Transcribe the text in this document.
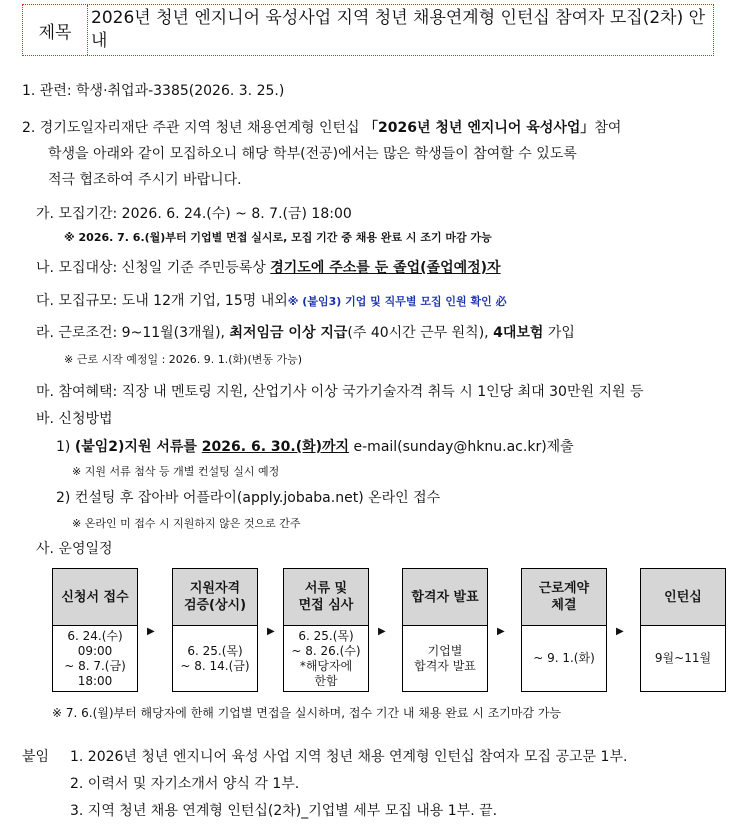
제목
2026년 청년 엔지니어 육성사업 지역 청년 채용연계형 인턴십 참여자 모집(2차) 안내
1. 관련: 학생·취업과-3385(2026. 3. 25.)
2. 경기도일자리재단 주관 지역 청년 채용연계형 인턴십 「2026년 청년 엔지니어 육성사업」참여
학생을 아래와 같이 모집하오니 해당 학부(전공)에서는 많은 학생들이 참여할 수 있도록
적극 협조하여 주시기 바랍니다.
가. 모집기간: 2026. 6. 24.(수) ~ 8. 7.(금) 18:00
※ 2026. 7. 6.(월)부터 기업별 면접 실시로, 모집 기간 중 채용 완료 시 조기 마감 가능
나. 모집대상: 신청일 기준 주민등록상 경기도에 주소를 둔 졸업(졸업예정)자
다. 모집규모: 도내 12개 기업, 15명 내외※ (붙임3) 기업 및 직무별 모집 인원 확인 必
라. 근로조건: 9~11월(3개월), 최저임금 이상 지급(주 40시간 근무 원칙), 4대보험 가입
※ 근로 시작 예정일 : 2026. 9. 1.(화)(변동 가능)
마. 참여혜택: 직장 내 멘토링 지원, 산업기사 이상 국가기술자격 취득 시 1인당 최대 30만원 지원 등
바. 신청방법
1) (붙임2)지원 서류를 2026. 6. 30.(화)까지 e-mail(sunday@hknu.ac.kr)제출
※ 지원 서류 첨삭 등 개별 컨설팅 실시 예정
2) 컨설팅 후 잡아바 어플라이(apply.jobaba.net) 온라인 접수
※ 온라인 미 접수 시 지원하지 않은 것으로 간주
사. 운영일정
신청서 접수
6. 24.(수)
09:00
~ 8. 7.(금)
18:00
▶
지원자격
검증(상시)
6. 25.(목)
~ 8. 14.(금)
▶
서류 및
면접 심사
6. 25.(목)
~ 8. 26.(수)
*해당자에
한함
▶
합격자 발표
기업별
합격자 발표
▶
근로계약
체결
~ 9. 1.(화)
▶
인턴십
9월~11월
※ 7. 6.(월)부터 해당자에 한해 기업별 면접을 실시하며, 접수 기간 내 채용 완료 시 조기마감 가능
붙임 1. 2026년 청년 엔지니어 육성 사업 지역 청년 채용 연계형 인턴십 참여자 모집 공고문 1부.
2. 이력서 및 자기소개서 양식 각 1부.
3. 지역 청년 채용 연계형 인턴십(2차)_기업별 세부 모집 내용 1부. 끝.
